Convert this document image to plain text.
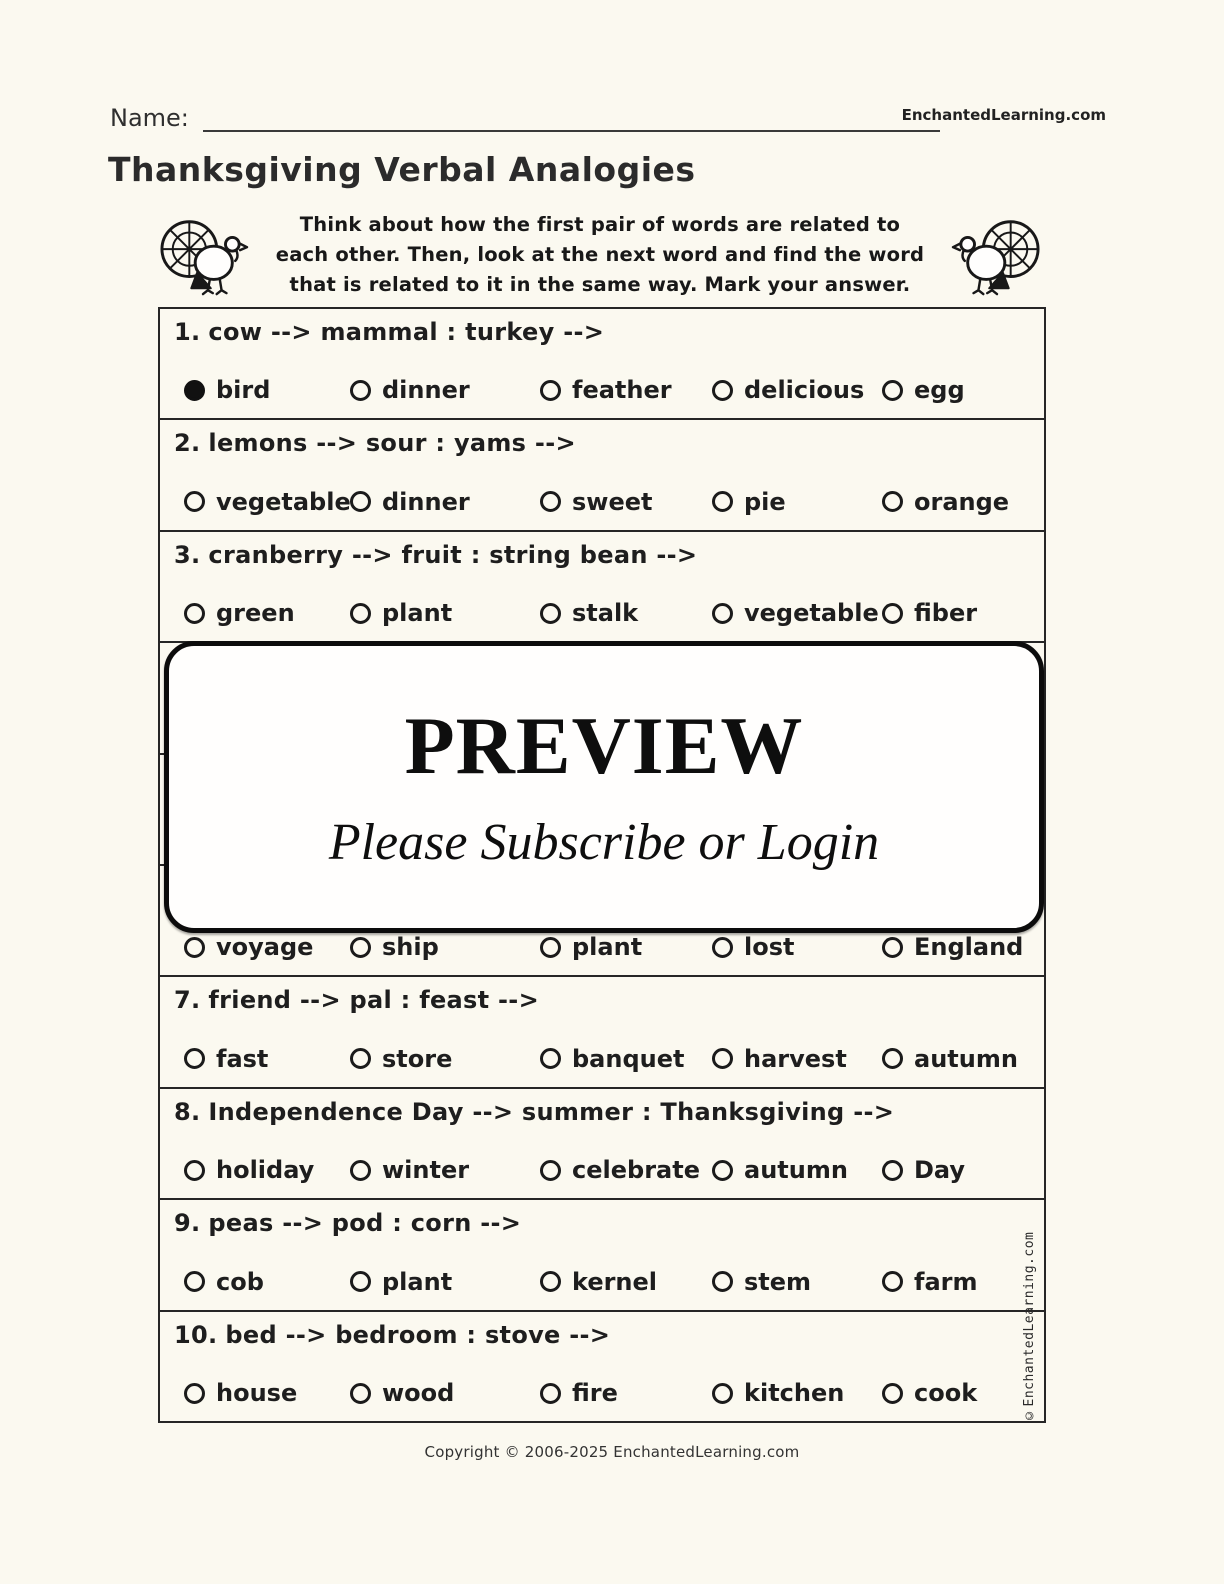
Name:	EnchantedLearning.com
Thanksgiving Verbal Analogies
Think about how the first pair of words are related to
each other. Then, look at the next word and find the word
that is related to it in the same way. Mark your answer.
1. cow --> mammal : turkey -->
bird	dinner	feather	delicious egg
2. lemons --> sour : yams -->
vegetable dinner	sweet	pie	orange
3. cranberry --> fruit : string bean -->
green	plant	stalk	vegetable fiber
voyage	ship	plant	lost	England
7. friend --> pal : feast -->
fast	store	banquet harvest	autumn
8. Independence Day --> summer : Thanksgiving -->
holiday	winter	celebrate autumn	Day
9. peas --> pod : corn -->
cob	plant	kernel	stem	farm
10. bed --> bedroom : stove -->
house	wood	fire	kitchen	cook
PREVIEW
Please Subscribe or Login
©EnchantedLearning.com
Copyright © 2006-2025 EnchantedLearning.com
